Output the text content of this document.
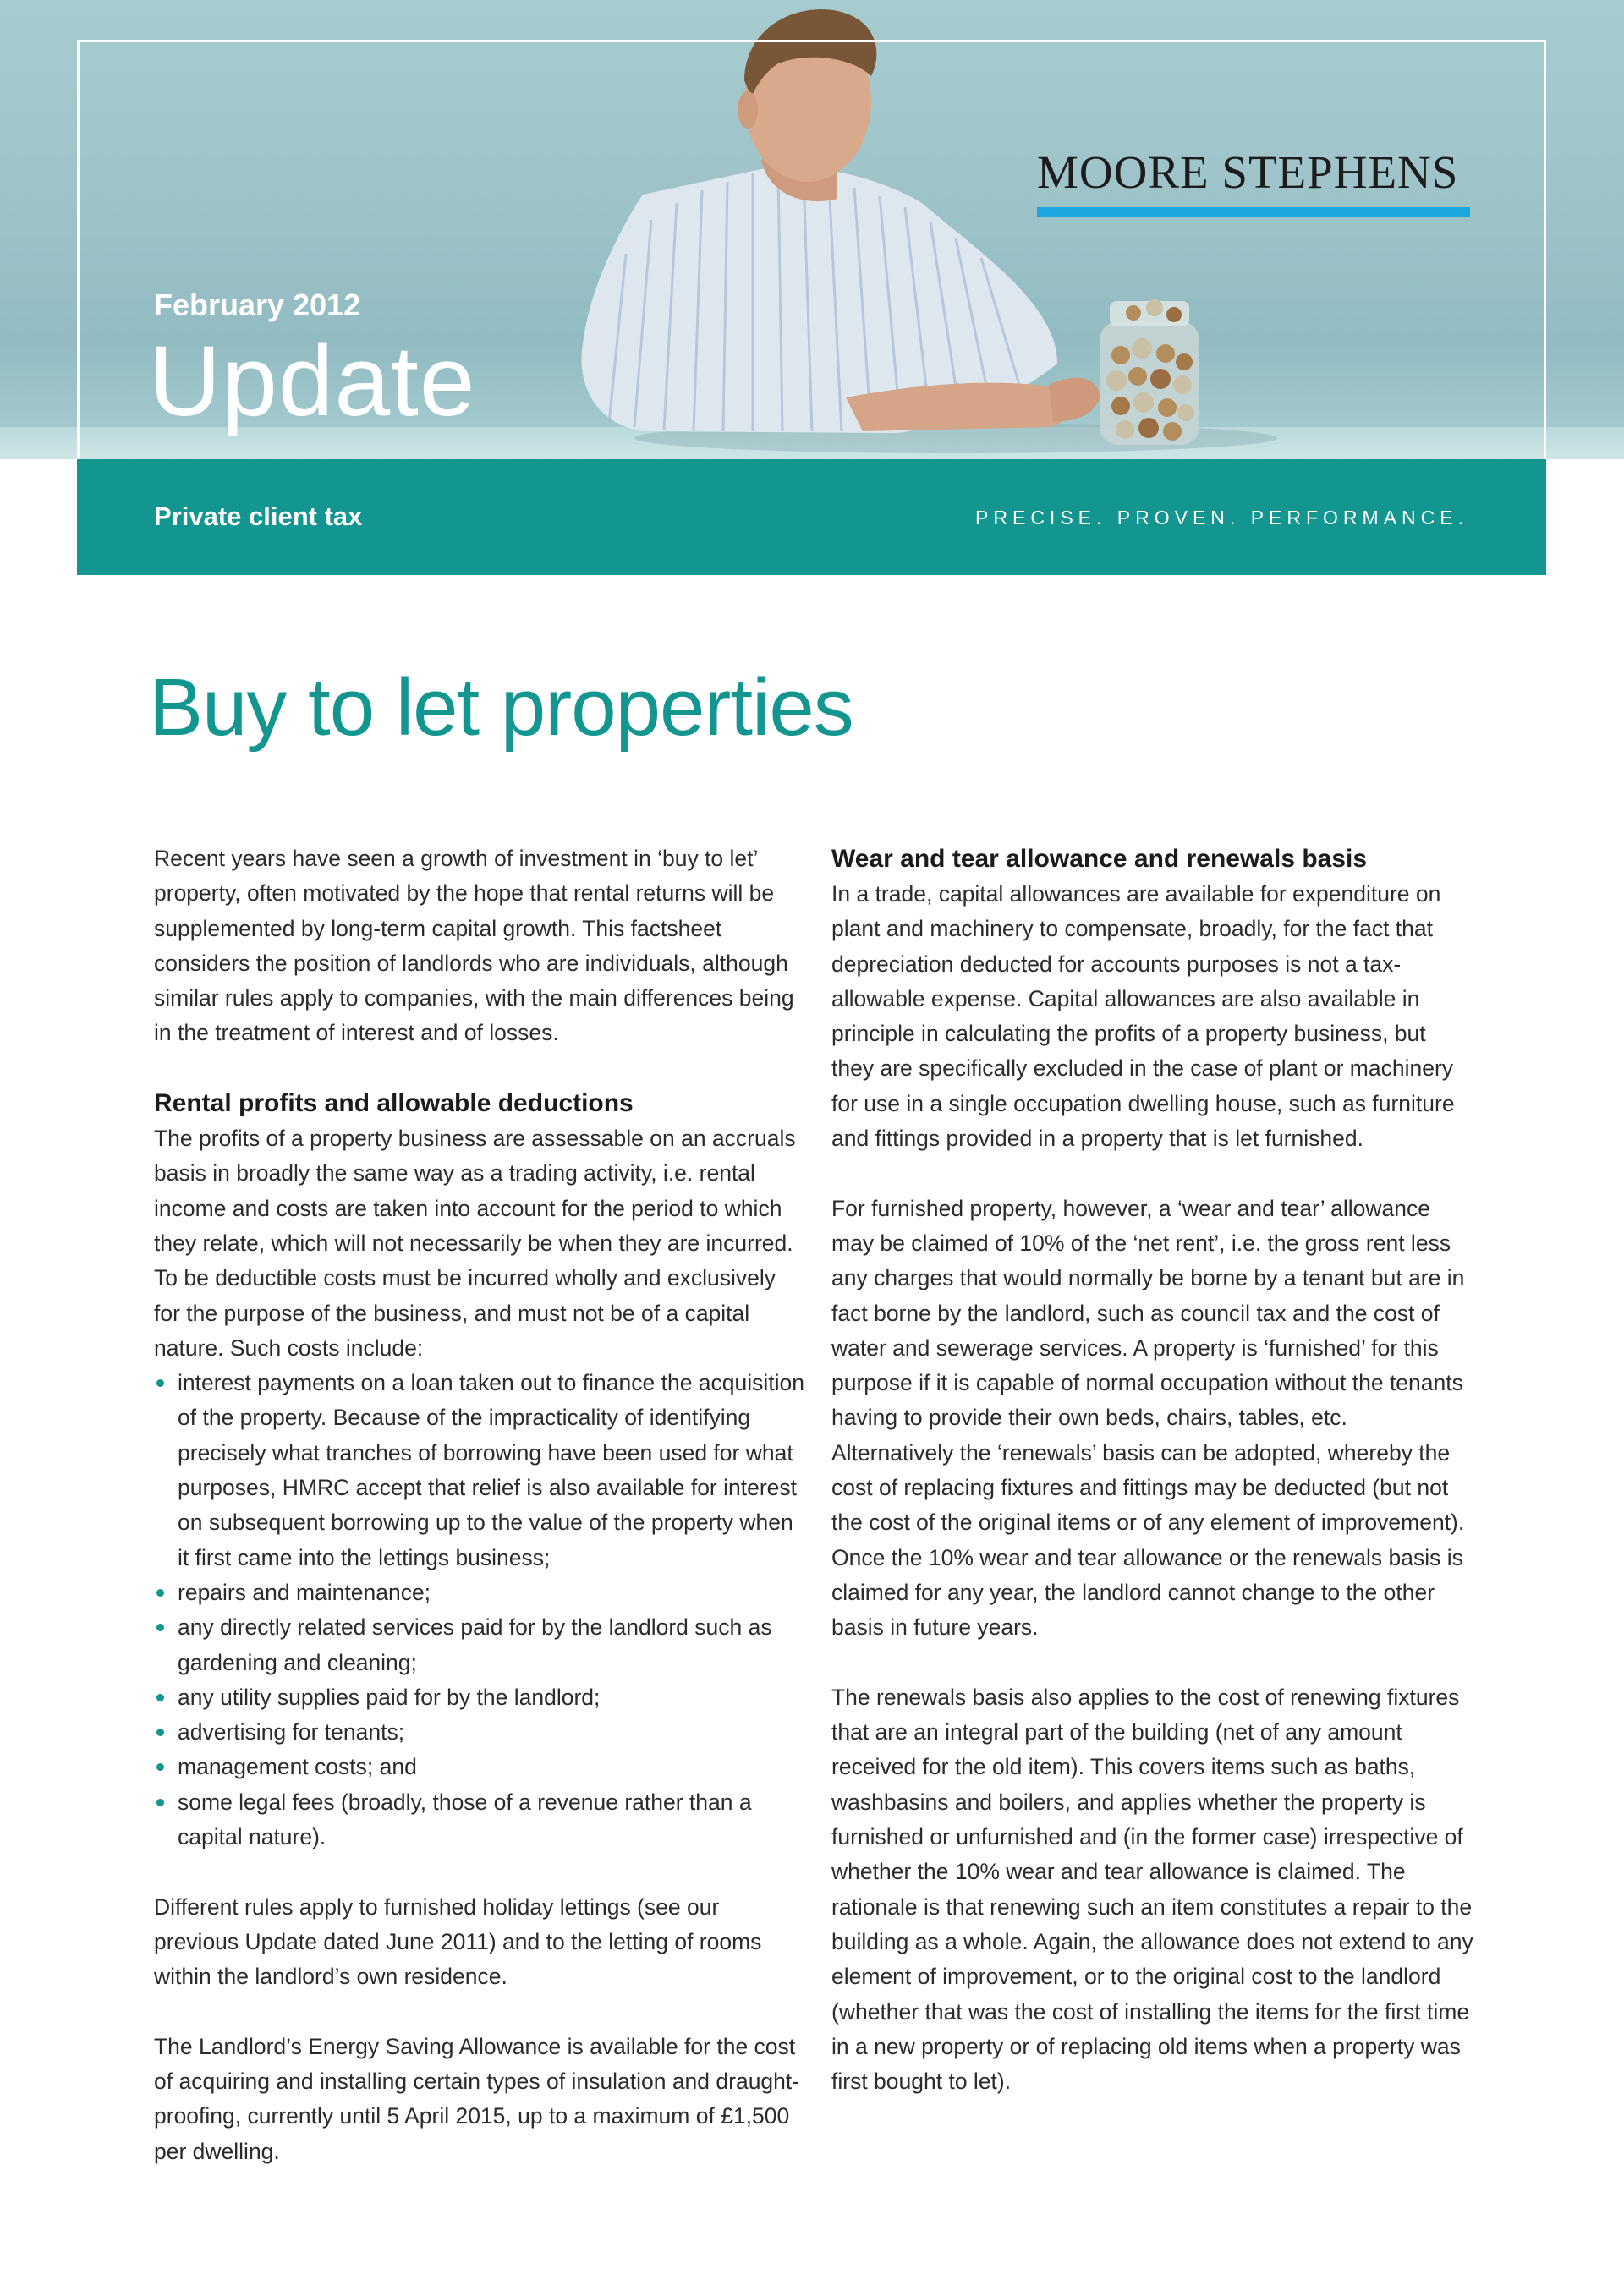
MOORE STEPHENS
February 2012
Update
Private client tax	PRECISE. PROVEN. PERFORMANCE.
Buy to let properties

Recent years have seen a growth of investment in ‘buy to let’ property, often motivated by the hope that rental returns will be supplemented by long-term capital growth. This factsheet considers the position of landlords who are individuals, although similar rules apply to companies, with the main differences being in the treatment of interest and of losses.

Rental profits and allowable deductions

The profits of a property business are assessable on an accruals basis in broadly the same way as a trading activity, i.e. rental income and costs are taken into account for the period to which they relate, which will not necessarily be when they are incurred. To be deductible costs must be incurred wholly and exclusively for the purpose of the business, and must not be of a capital nature. Such costs include:

interest payments on a loan taken out to finance the acquisition of the property. Because of the impracticality of identifying precisely what tranches of borrowing have been used for what purposes, HMRC accept that relief is also available for interest on subsequent borrowing up to the value of the property when it first came into the lettings business;
repairs and maintenance;
any directly related services paid for by the landlord such as gardening and cleaning;
any utility supplies paid for by the landlord;
advertising for tenants;
management costs; and
some legal fees (broadly, those of a revenue rather than a capital nature).

Different rules apply to furnished holiday lettings (see our previous Update dated June 2011) and to the letting of rooms within the landlord’s own residence.

The Landlord’s Energy Saving Allowance is available for the cost of acquiring and installing certain types of insulation and draught-proofing, currently until 5 April 2015, up to a maximum of £1,500 per dwelling.

Wear and tear allowance and renewals basis

In a trade, capital allowances are available for expenditure on plant and machinery to compensate, broadly, for the fact that depreciation deducted for accounts purposes is not a tax-allowable expense. Capital allowances are also available in principle in calculating the profits of a property business, but they are specifically excluded in the case of plant or machinery for use in a single occupation dwelling house, such as furniture and fittings provided in a property that is let furnished.

For furnished property, however, a ‘wear and tear’ allowance may be claimed of 10% of the ‘net rent’, i.e. the gross rent less any charges that would normally be borne by a tenant but are in fact borne by the landlord, such as council tax and the cost of water and sewerage services. A property is ‘furnished’ for this purpose if it is capable of normal occupation without the tenants having to provide their own beds, chairs, tables, etc. Alternatively the ‘renewals’ basis can be adopted, whereby the cost of replacing fixtures and fittings may be deducted (but not the cost of the original items or of any element of improvement). Once the 10% wear and tear allowance or the renewals basis is claimed for any year, the landlord cannot change to the other basis in future years.

The renewals basis also applies to the cost of renewing fixtures that are an integral part of the building (net of any amount received for the old item). This covers items such as baths, washbasins and boilers, and applies whether the property is furnished or unfurnished and (in the former case) irrespective of whether the 10% wear and tear allowance is claimed. The rationale is that renewing such an item constitutes a repair to the building as a whole. Again, the allowance does not extend to any element of improvement, or to the original cost to the landlord (whether that was the cost of installing the items for the first time in a new property or of replacing old items when a property was first bought to let).
